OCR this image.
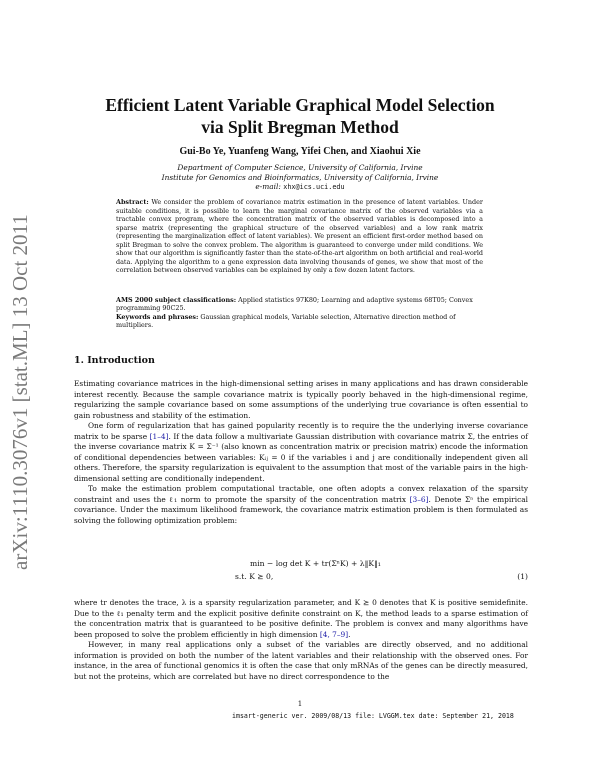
arXiv:1110.3076v1 [stat.ML] 13 Oct 2011
Efficient Latent Variable Graphical Model Selection
via Split Bregman Method
Gui-Bo Ye, Yuanfeng Wang, Yifei Chen, and Xiaohui Xie
Department of Computer Science, University of California, Irvine
Institute for Genomics and Bioinformatics, University of California, Irvine
e-mail: xhx@ics.uci.edu
Abstract: We consider the problem of covariance matrix estimation in the presence of latent variables. Under suitable conditions, it is possible to learn the marginal covariance matrix of the observed variables via a tractable convex program, where the concentration matrix of the observed variables is decomposed into a sparse matrix (representing the graphical structure of the observed variables) and a low rank matrix (representing the marginalization effect of latent variables). We present an efficient first-order method based on split Bregman to solve the convex problem. The algorithm is guaranteed to converge under mild conditions. We show that our algorithm is significantly faster than the state-of-the-art algorithm on both artificial and real-world data. Applying the algorithm to a gene expression data involving thousands of genes, we show that most of the correlation between observed variables can be explained by only a few dozen latent factors.

AMS 2000 subject classifications: Applied statistics 97K80; Learning and adaptive systems 68T05; Convex programming 90C25.

Keywords and phrases: Gaussian graphical models, Variable selection, Alternative direction method of multipliers.

1. Introduction

Estimating covariance matrices in the high-dimensional setting arises in many applications and has drawn considerable interest recently. Because the sample covariance matrix is typically poorly behaved in the high-dimensional regime, regularizing the sample covariance based on some assumptions of the underlying true covariance is often essential to gain robustness and stability of the estimation.

One form of regularization that has gained popularity recently is to require the the underlying inverse covariance matrix to be sparse [1–4]. If the data follow a multivariate Gaussian distribution with covariance matrix Σ, the entries of the inverse covariance matrix K = Σ⁻¹ (also known as concentration matrix or precision matrix) encode the information of conditional dependencies between variables: Kᵢⱼ = 0 if the variables i and j are conditionally independent given all others. Therefore, the sparsity regularization is equivalent to the assumption that most of the variable pairs in the high-dimensional setting are conditionally independent.

To make the estimation problem computational tractable, one often adopts a convex relaxation of the sparsity constraint and uses the ℓ₁ norm to promote the sparsity of the concentration matrix [3–6]. Denote Σⁿ the empirical covariance. Under the maximum likelihood framework, the covariance matrix estimation problem is then formulated as solving the following optimization problem:

min − log det K + tr(ΣⁿK) + λ‖K‖₁
s.t. K ⪰ 0,	(1)

where tr denotes the trace, λ is a sparsity regularization parameter, and K ⪰ 0 denotes that K is positive semidefinite. Due to the ℓ₁ penalty term and the explicit positive definite constraint on K, the method leads to a sparse estimation of the concentration matrix that is guaranteed to be positive definite. The problem is convex and many algorithms have been proposed to solve the problem efficiently in high dimension [4, 7–9].

However, in many real applications only a subset of the variables are directly observed, and no additional information is provided on both the number of the latent variables and their relationship with the observed ones. For instance, in the area of functional genomics it is often the case that only mRNAs of the genes can be directly measured, but not the proteins, which are correlated but have no direct correspondence to the

1
imsart-generic ver. 2009/08/13 file: LVGGM.tex date: September 21, 2018
